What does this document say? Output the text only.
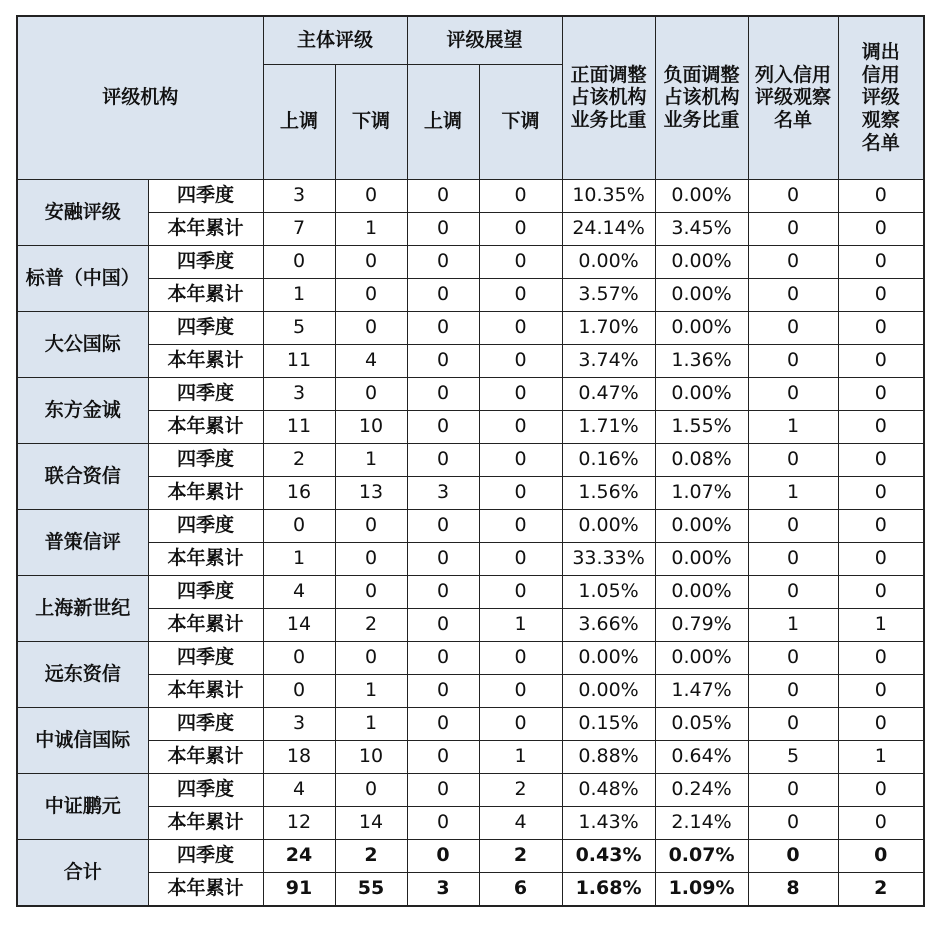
评级机构		主体评级		评级展望		正面调整占该机构业务比重	负面调整占该机构业务比重	列入信用评级观察名单	调出信用评级观察名单

		上调	下调	上调	下调				
安融评级	四季度	3	0	0	0	10.35%	0.00%	0	0
	本年累计	7	1	0	0	24.14%	3.45%	0	0
标普（中国）	四季度	0	0	0	0	0.00%	0.00%	0	0
	本年累计	1	0	0	0	3.57%	0.00%	0	0
大公国际	四季度	5	0	0	0	1.70%	0.00%	0	0
	本年累计	11	4	0	0	3.74%	1.36%	0	0
东方金诚	四季度	3	0	0	0	0.47%	0.00%	0	0
	本年累计	11	10	0	0	1.71%	1.55%	1	0
联合资信	四季度	2	1	0	0	0.16%	0.08%	0	0
	本年累计	16	13	3	0	1.56%	1.07%	1	0
普策信评	四季度	0	0	0	0	0.00%	0.00%	0	0
	本年累计	1	0	0	0	33.33%	0.00%	0	0
上海新世纪	四季度	4	0	0	0	1.05%	0.00%	0	0
	本年累计	14	2	0	1	3.66%	0.79%	1	1
远东资信	四季度	0	0	0	0	0.00%	0.00%	0	0
	本年累计	0	1	0	0	0.00%	1.47%	0	0
中诚信国际	四季度	3	1	0	0	0.15%	0.05%	0	0
	本年累计	18	10	0	1	0.88%	0.64%	5	1
中证鹏元	四季度	4	0	0	2	0.48%	0.24%	0	0
	本年累计	12	14	0	4	1.43%	2.14%	0	0
合计	四季度	24	2	0	2	0.43%	0.07%	0	0
	本年累计	91	55	3	6	1.68%	1.09%	8	2
